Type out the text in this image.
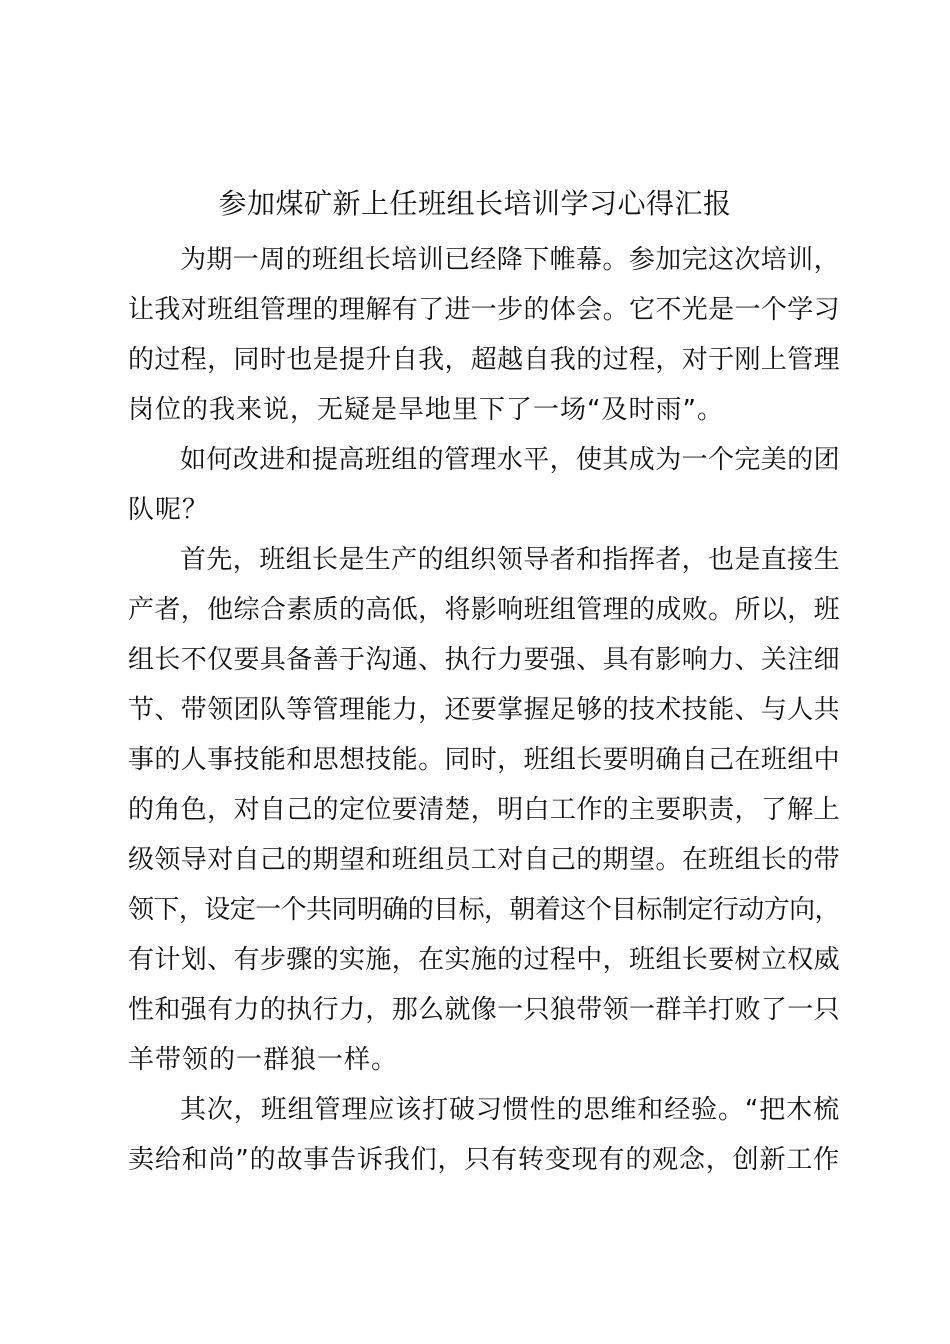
参加煤矿新上任班组长培训学习心得汇报
为期一周的班组长培训已经降下帷幕。参加完这次培训，
让我对班组管理的理解有了进一步的体会。它不光是一个学习
的过程，同时也是提升自我，超越自我的过程，对于刚上管理
岗位的我来说，无疑是旱地里下了一场“及时雨”。
如何改进和提高班组的管理水平，使其成为一个完美的团
队呢？
首先，班组长是生产的组织领导者和指挥者，也是直接生
产者，他综合素质的高低，将影响班组管理的成败。所以，班
组长不仅要具备善于沟通、执行力要强、具有影响力、关注细
节、带领团队等管理能力，还要掌握足够的技术技能、与人共
事的人事技能和思想技能。同时，班组长要明确自己在班组中
的角色，对自己的定位要清楚，明白工作的主要职责，了解上
级领导对自己的期望和班组员工对自己的期望。在班组长的带
领下，设定一个共同明确的目标，朝着这个目标制定行动方向，
有计划、有步骤的实施，在实施的过程中，班组长要树立权威
性和强有力的执行力，那么就像一只狼带领一群羊打败了一只
羊带领的一群狼一样。
其次，班组管理应该打破习惯性的思维和经验。“把木梳
卖给和尚”的故事告诉我们，只有转变现有的观念，创新工作
